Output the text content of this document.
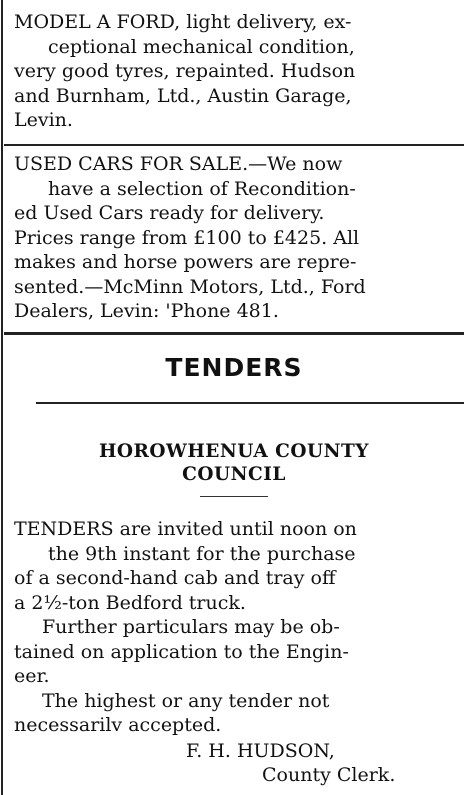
MODEL A FORD, light delivery, ex-
ceptional mechanical condition,
very good tyres, repainted. Hudson
and Burnham, Ltd., Austin Garage,
Levin.
USED CARS FOR SALE.—We now
have a selection of Recondition-
ed Used Cars ready for delivery.
Prices range from £100 to £425. All
makes and horse powers are repre-
sented.—McMinn Motors, Ltd., Ford
Dealers, Levin: 'Phone 481.
TENDERS
HOROWHENUA COUNTY
COUNCIL
TENDERS are invited until noon on
the 9th instant for the purchase
of a second-hand cab and tray off
a 2½-ton Bedford truck.
Further particulars may be ob-
tained on application to the Engin-
eer.
The highest or any tender not
necessarilv accepted.
F. H. HUDSON,
County Clerk.
